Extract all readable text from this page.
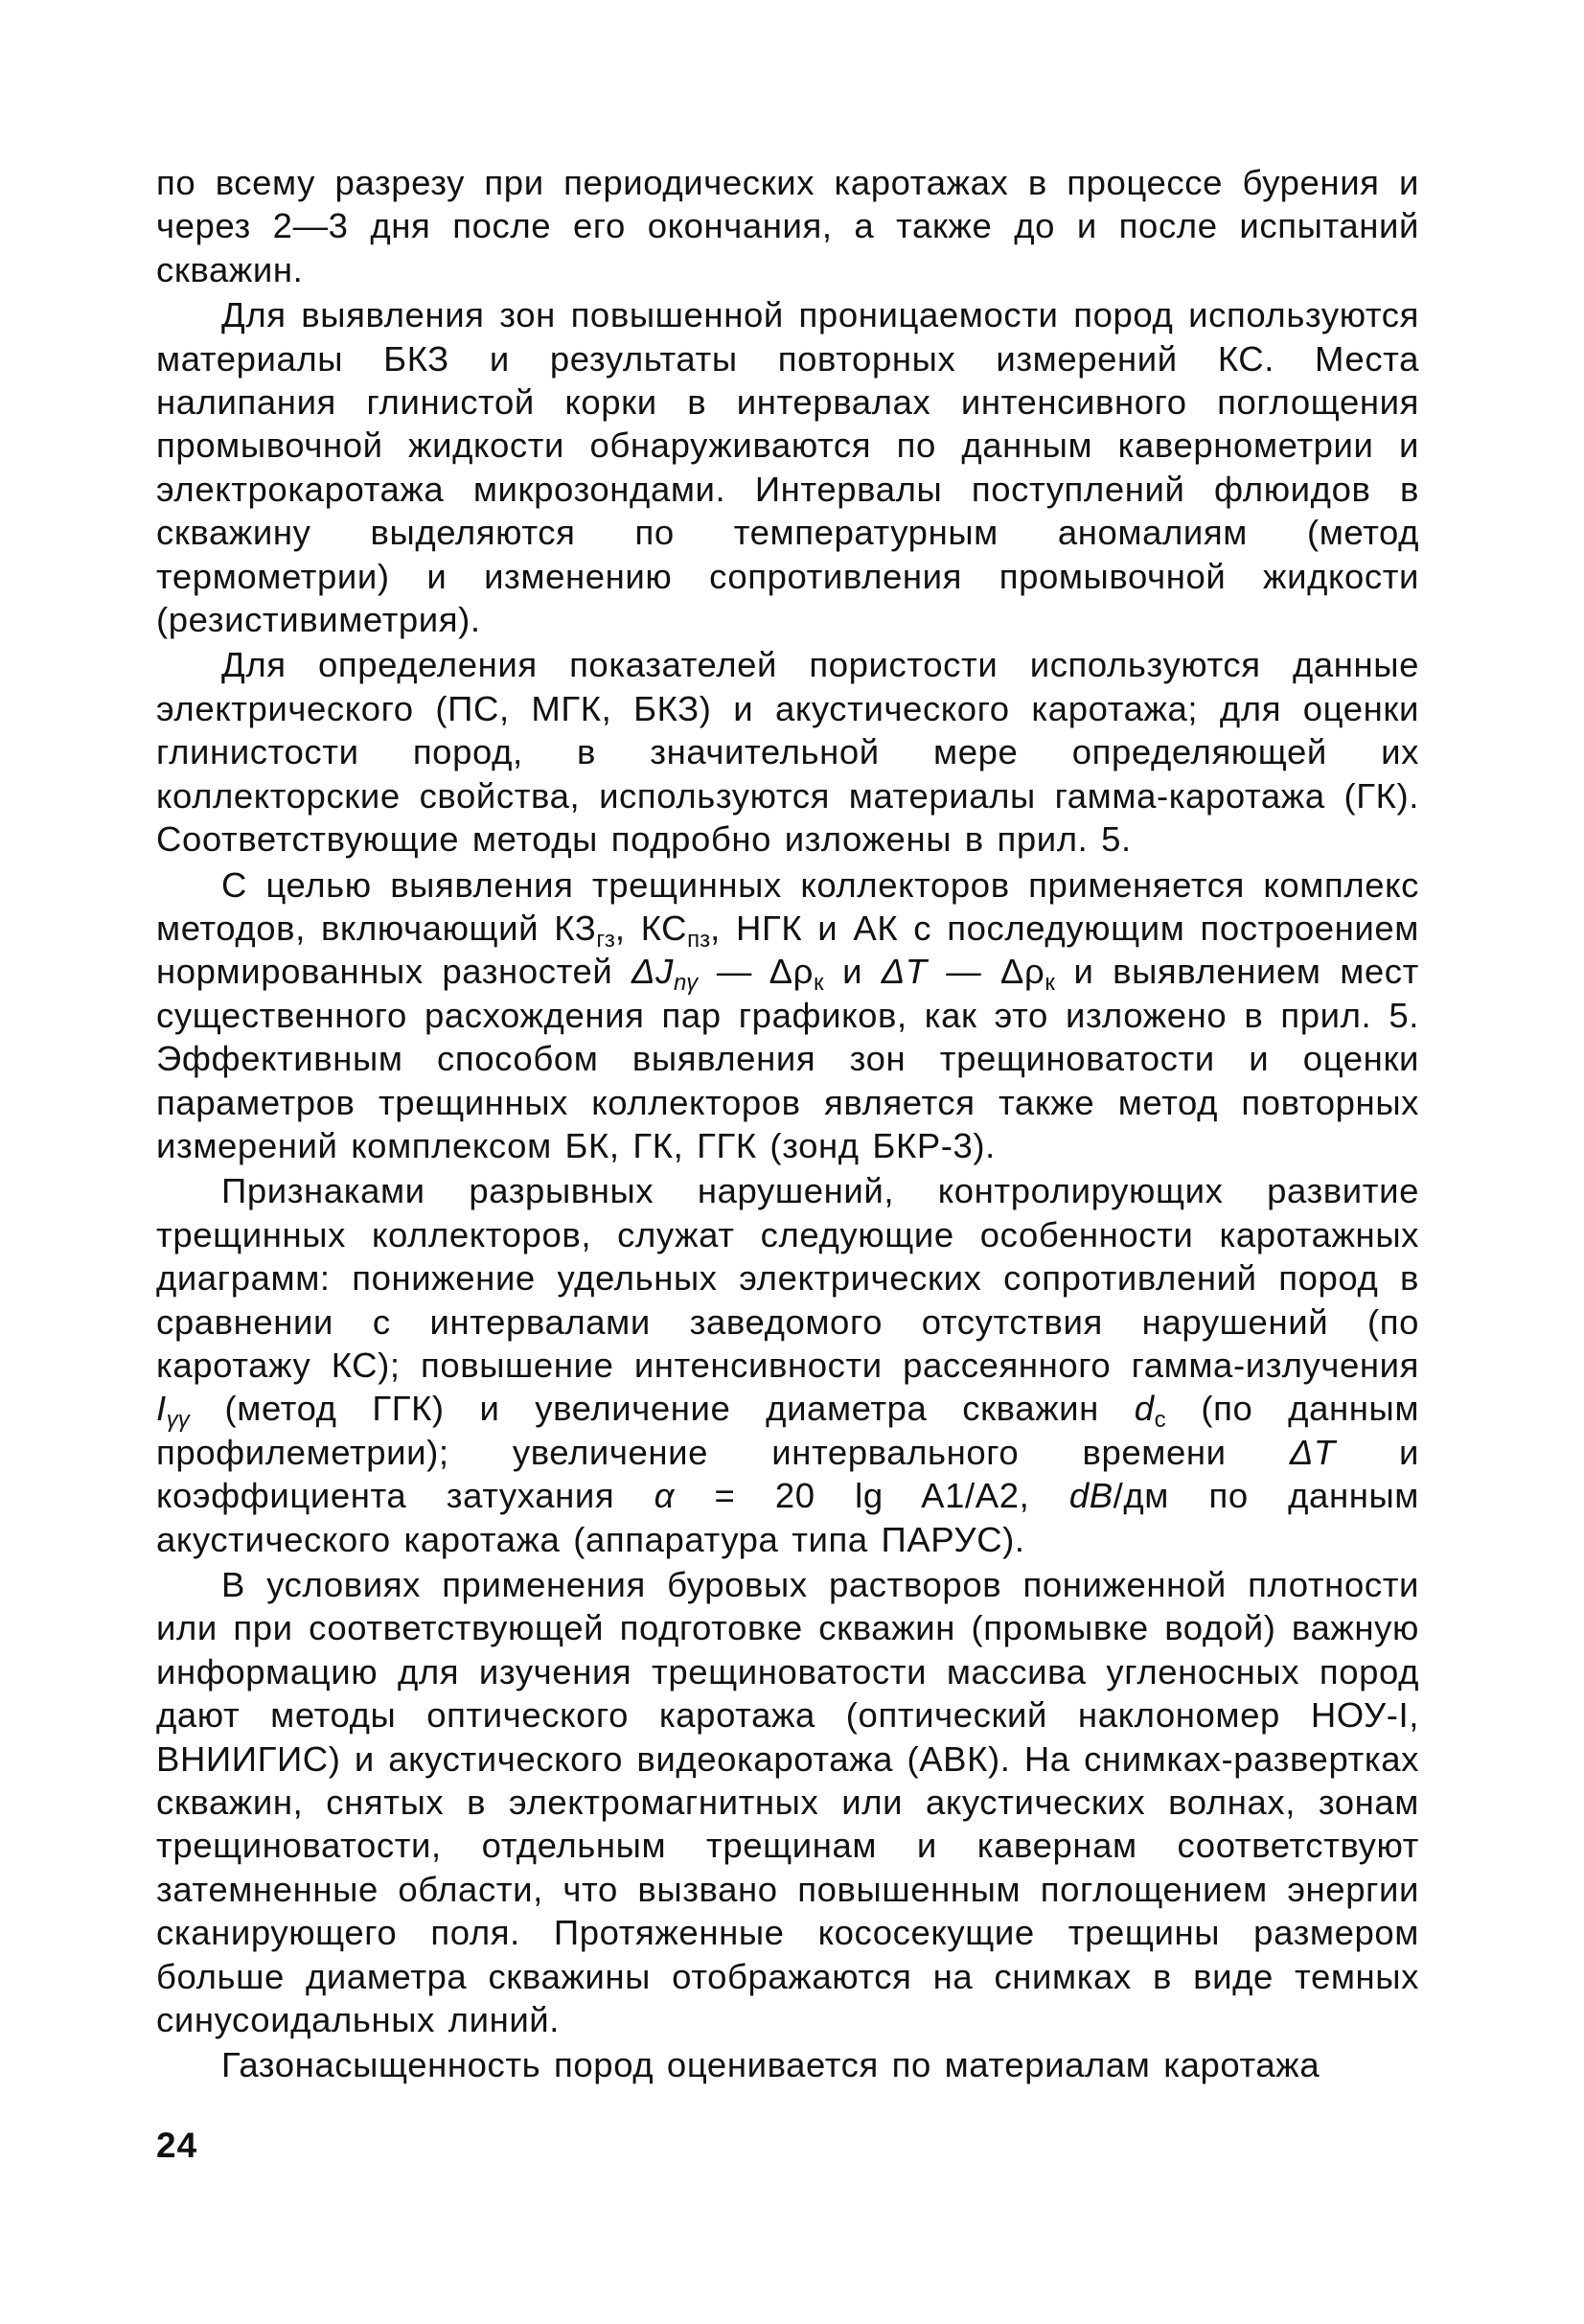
по всему разрезу при периодических каротажах в процессе бурения и через 2—3 дня после его окончания, а также до и после испытаний скважин.

Для выявления зон повышенной проницаемости пород используются материалы БКЗ и результаты повторных измерений КС. Места налипания глинистой корки в интервалах интенсивного поглощения промывочной жидкости обнаруживаются по данным кавернометрии и электрокаротажа микрозондами. Интервалы поступлений флюидов в скважину выделяются по температурным аномалиям (метод термометрии) и изменению сопротивления промывочной жидкости (резистивиметрия).

Для определения показателей пористости используются данные электрического (ПС, МГК, БКЗ) и акустического каротажа; для оценки глинистости пород, в значительной мере определяющей их коллекторские свойства, используются материалы гамма-каротажа (ГК). Соответствующие методы подробно изложены в прил. 5.

С целью выявления трещинных коллекторов применяется комплекс методов, включающий $КЗ_{гз}$, $КС_{пз}$, НГК и АК с последующим построением нормированных разностей $\Delta J_{n\gamma}$ — $\Delta\rho_к$ и ΔT — $\Delta\rho_к$ и выявлением мест существенного расхождения пар графиков, как это изложено в прил. 5. Эффективным способом выявления зон трещиноватости и оценки параметров трещинных коллекторов является также метод повторных измерений комплексом БК, ГК, ГГК (зонд БКР-3).

Признаками разрывных нарушений, контролирующих развитие трещинных коллекторов, служат следующие особенности каротажных диаграмм: понижение удельных электрических сопротивлений пород в сравнении с интервалами заведомого отсутствия нарушений (по каротажу КС); повышение интенсивности рассеянного гамма-излучения $I_{\gamma\gamma}$ (метод ГГК) и увеличение диаметра скважин $d_c$ (по данным профилеметрии); увеличение интервального времени ΔT и коэффициента затухания α = 20 lg A1/A2, dB/дм по данным акустического каротажа (аппаратура типа ПАРУС).

В условиях применения буровых растворов пониженной плотности или при соответствующей подготовке скважин (промывке водой) важную информацию для изучения трещиноватости массива угленосных пород дают методы оптического каротажа (оптический наклономер НОУ-I, ВНИИГИС) и акустического видеокаротажа (АВК). На снимках-развертках скважин, снятых в электромагнитных или акустических волнах, зонам трещиноватости, отдельным трещинам и кавернам соответствуют затемненные области, что вызвано повышенным поглощением энергии сканирующего поля. Протяженные кососекущие трещины размером больше диаметра скважины отображаются на снимках в виде темных синусоидальных линий.

Газонасыщенность пород оценивается по материалам каротажа

24
